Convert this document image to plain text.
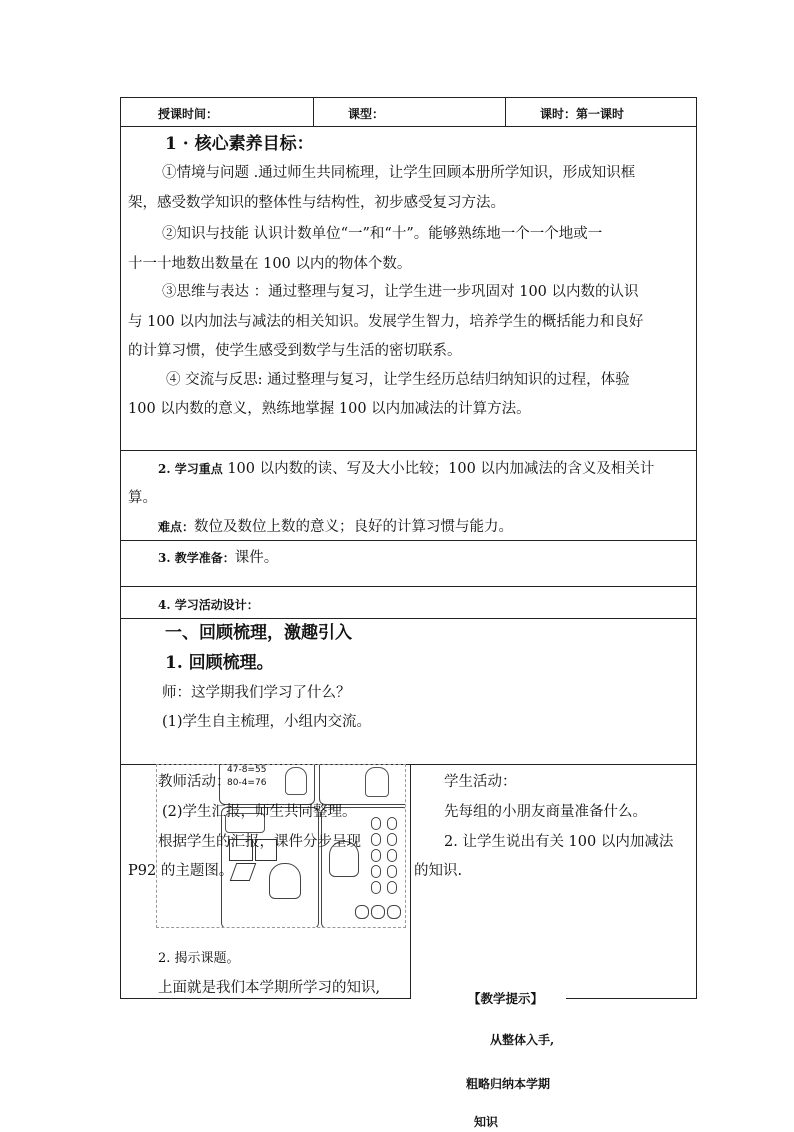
授课时间：	课型：	课时：第一课时
1 · 核心素养目标：
①情境与问题 .通过师生共同梳理，让学生回顾本册所学知识，形成知识框
架，感受数学知识的整体性与结构性，初步感受复习方法。
②知识与技能 认识计数单位“一”和“十”。能够熟练地一个一个地或一
十一十地数出数量在 100 以内的物体个数。
③思维与表达 ：通过整理与复习，让学生进一步巩固对 100 以内数的认识
与 100 以内加法与减法的相关知识。发展学生智力，培养学生的概括能力和良好
的计算习惯，使学生感受到数学与生活的密切联系。
④ 交流与反思: 通过整理与复习，让学生经历总结归纳知识的过程，体验
100 以内数的意义，熟练地掌握 100 以内加减法的计算方法。
2. 学习重点 100 以内数的读、写及大小比较；100 以内加减法的含义及相关计
算。
难点：数位及数位上数的意义；良好的计算习惯与能力。
3. 教学准备：课件。
4. 学习活动设计：
一、回顾梳理，激趣引入
1. 回顾梳理。
师：这学期我们学习了什么？
(1)学生自主梳理，小组内交流。
47-8=55
80-4=76
教师活动：
(2)学生汇报，师生共同整理。
根据学生的汇报，课件分步呈现
P92 的主题图。
2. 揭示课题。
上面就是我们本学期所学习的知识,
学生活动：
先每组的小朋友商量准备什么。
2. 让学生说出有关 100 以内加减法
的知识.
【教学提示】
从整体入手,
粗略归纳本学期
知识
